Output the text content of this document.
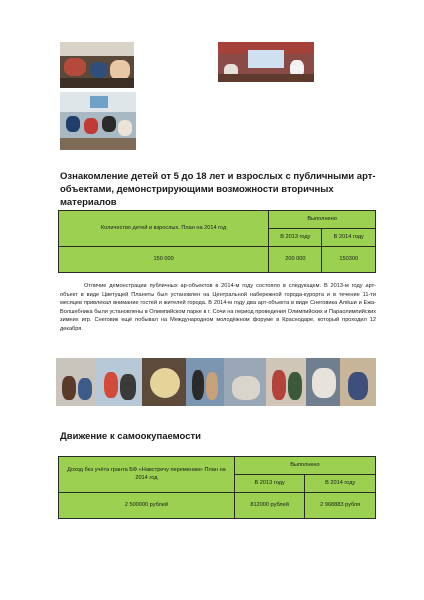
Ознакомление детей от 5 до 18 лет и взрослых с публичными арт-объектами, демонстрирующими возможности вторичных материалов
Количество детей и взрослых. План на 2014 год	Выполнено	
	В 2013 году	В 2014 году
150 000	200 000	150300
Отличие демонстрации публичных ар-объектов в 2014-м году состояло в следующем. В 2013-м году арт-объект в виде Цветущей Планеты был установлен на Центральной набережной города-курорта и в течение 11-ти месяцев привлекал внимание гостей и жителей города. В 2014-м году два арт-объекта в виде Снеговика Алёши и Ежа-Волшебника были установлены в Олимпийском парке в г. Сочи на период проведения Олимпийских и Параолимпийских зимних игр. Снеговик ещё побывал на Международном молодёжном форуме в Краснодаре, который проходил 12 декабря.
Движение к самоокупаемости
Доход без учёта гранта БФ «Навстречу переменам» План на 2014 год	Выполнено	
	В 2013 году	В 2014 году
2 500000 рублей	812000 рублей	2 968883 рубля
